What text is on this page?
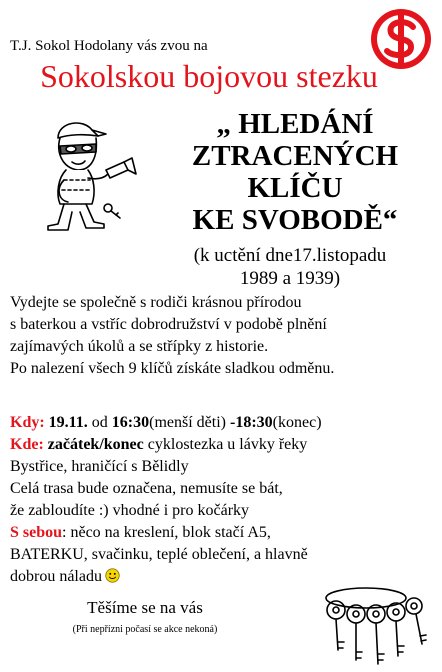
T.J. Sokol Hodolany vás zvou na
Sokolskou bojovou stezku
„ HLEDÁNÍ
ZTRACENÝCH
KLÍČU
KE SVOBODĚ“
(k uctění dne17.listopadu
1989 a 1939)
Vydejte se společně s rodiči krásnou přírodou
s baterkou a vstříc dobrodružství v podobě plnění
zajímavých úkolů a se střípky z historie.
Po nalezení všech 9 klíčů získáte sladkou odměnu.
Kdy: 19.11. od 16:30(menší děti) -18:30(konec)
Kde: začátek/konec cyklostezka u lávky řeky
Bystřice, hraničící s Bělidly
Celá trasa bude označena, nemusíte se bát,
že zabloudíte :) vhodné i pro kočárky
S sebou: něco na kreslení, blok stačí A5,
BATERKU, svačinku, teplé oblečení, a hlavně
dobrou náladu
Těšíme se na vás
(Při nepřízni počasí se akce nekoná)
